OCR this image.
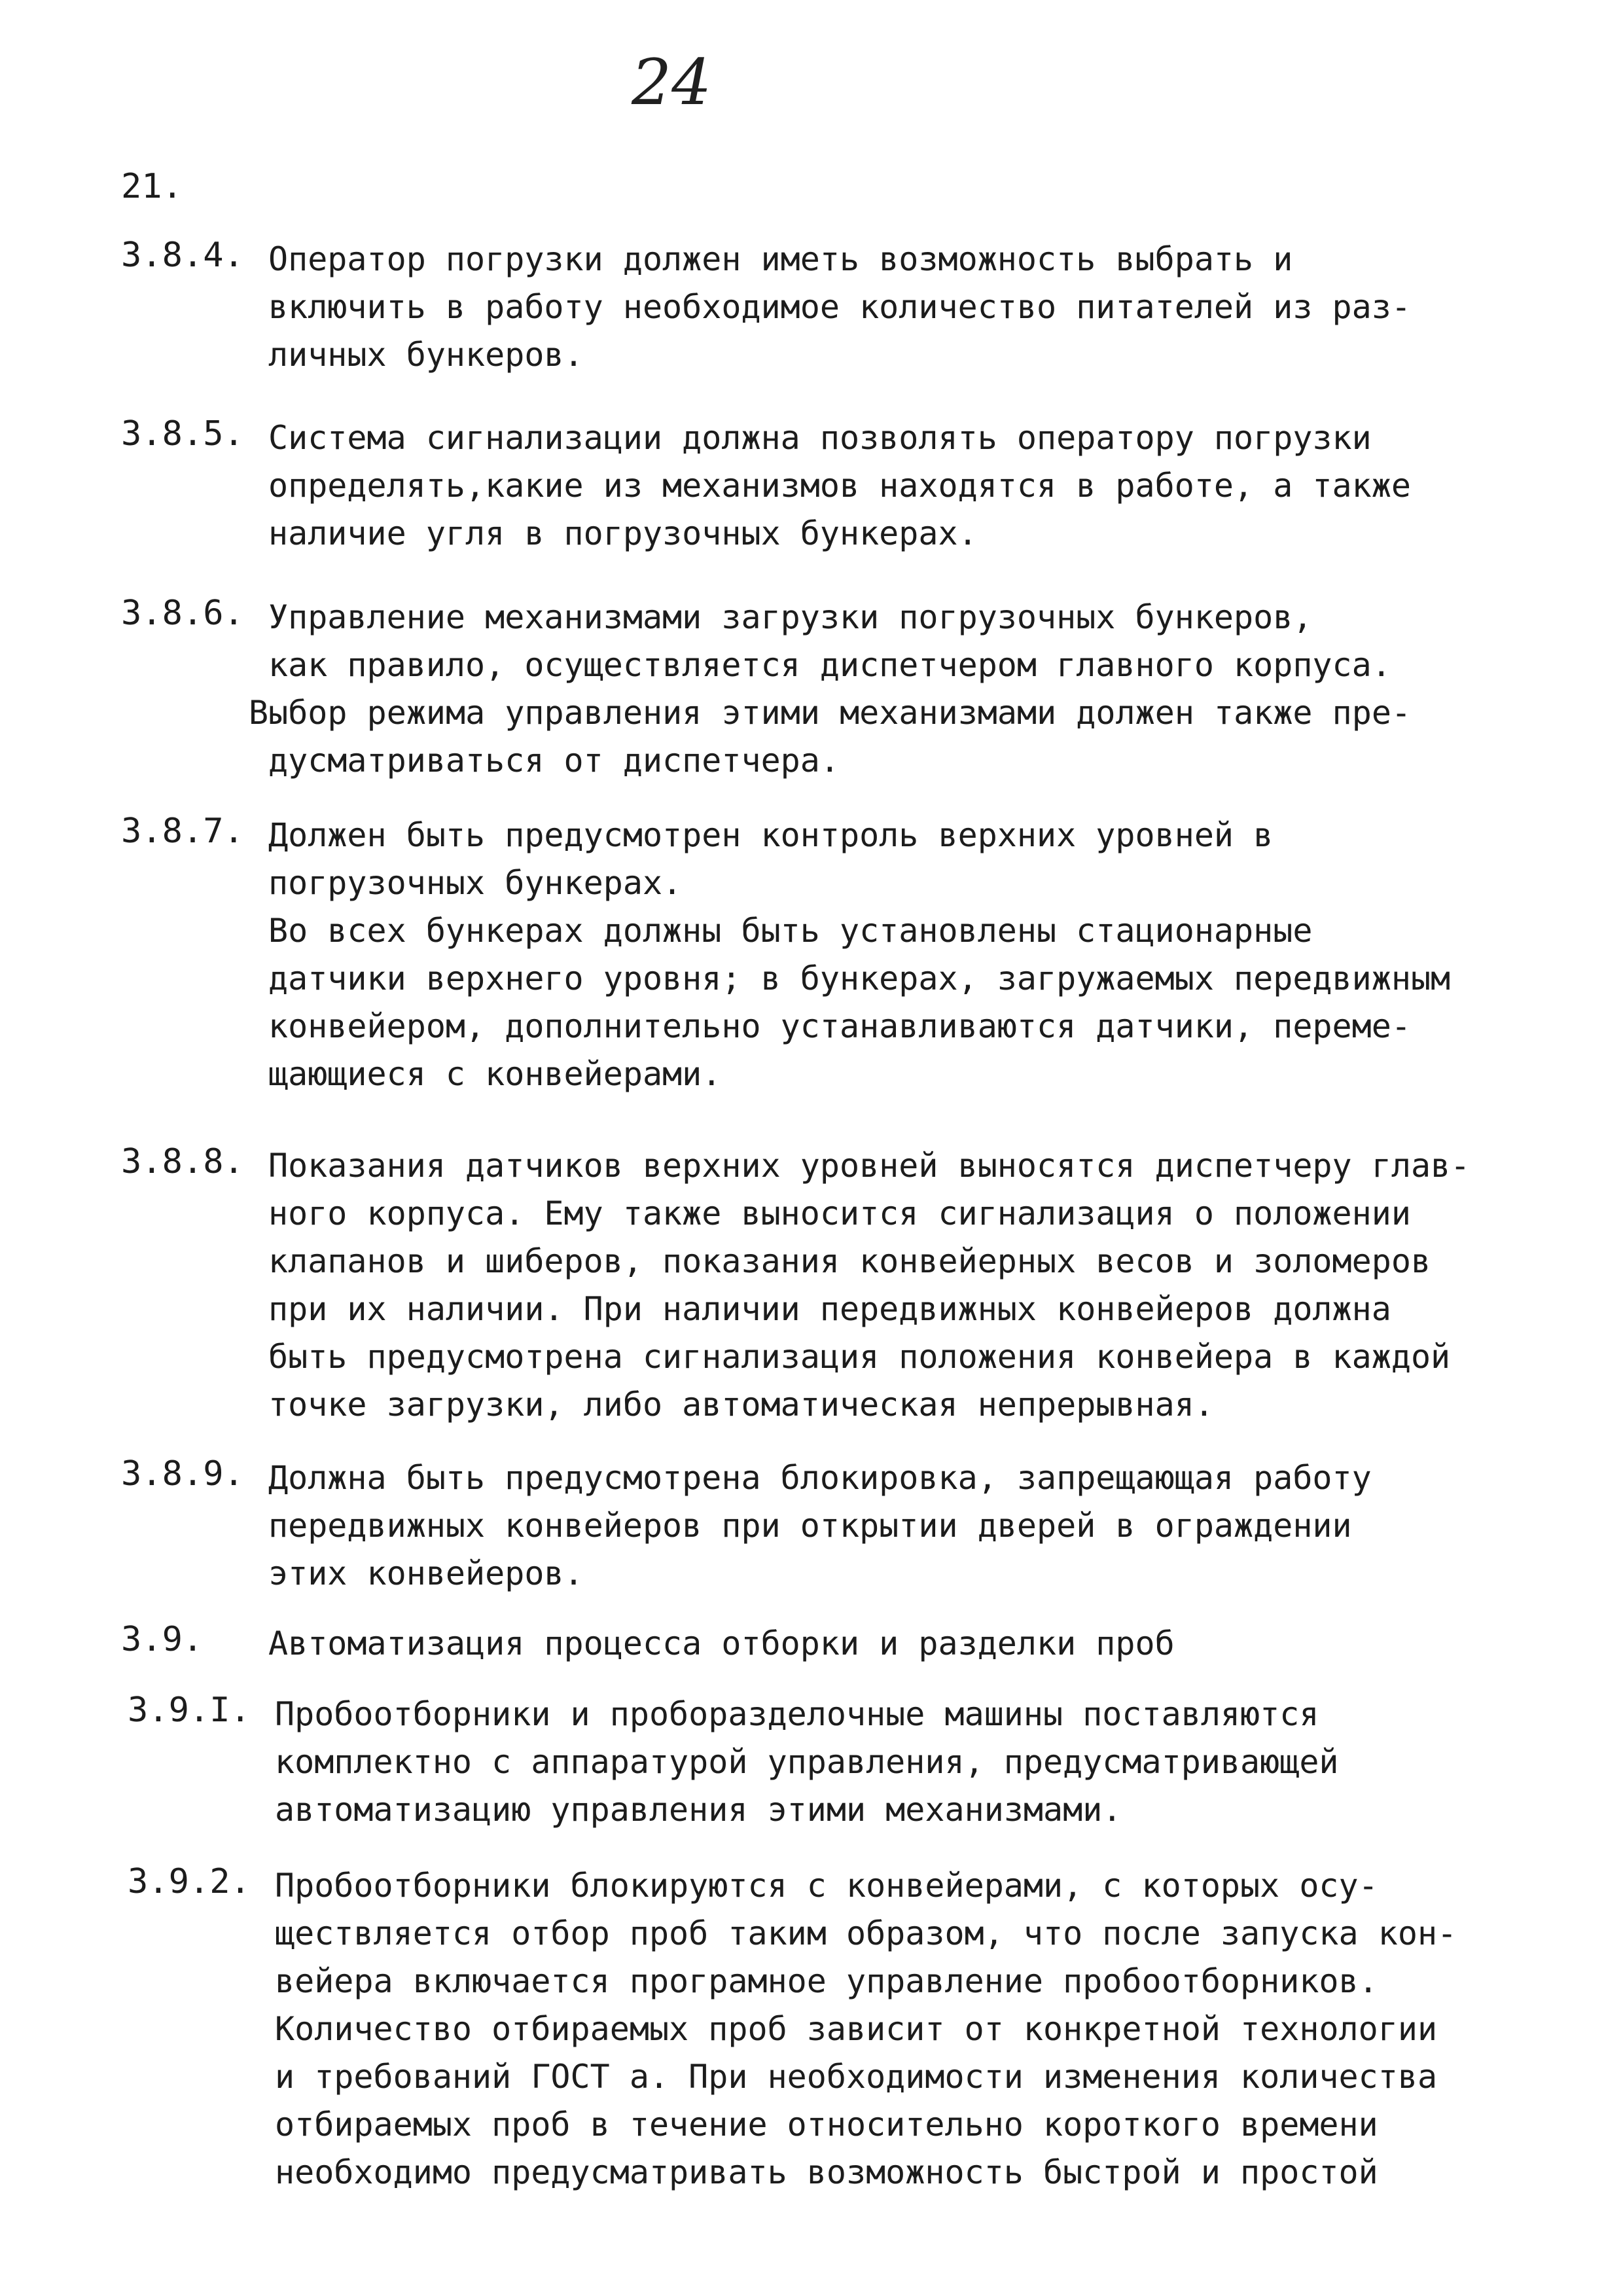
24
21.
3.8.4. Оператор погрузки должен иметь возможность выбрать и
включить в работу необходимое количество питателей из раз-
личных бункеров.
3.8.5. Система сигнализации должна позволять оператору погрузки
определять,какие из механизмов находятся в работе, а также
наличие угля в погрузочных бункерах.
3.8.6. Управление механизмами загрузки погрузочных бункеров,
как правило, осуществляется диспетчером главного корпуса.
Выбор режима управления этими механизмами должен также пре-
дусматриваться от диспетчера.
3.8.7. Должен быть предусмотрен контроль верхних уровней в
погрузочных бункерах.
Во всех бункерах должны быть установлены стационарные
датчики верхнего уровня; в бункерах, загружаемых передвижным
конвейером, дополнительно устанавливаются датчики, переме-
щающиеся с конвейерами.
3.8.8. Показания датчиков верхних уровней выносятся диспетчеру глав-
ного корпуса. Ему также выносится сигнализация о положении
клапанов и шиберов, показания конвейерных весов и золомеров
при их наличии. При наличии передвижных конвейеров должна
быть предусмотрена сигнализация положения конвейера в каждой
точке загрузки, либо автоматическая непрерывная.
3.8.9. Должна быть предусмотрена блокировка, запрещающая работу
передвижных конвейеров при открытии дверей в ограждении
этих конвейеров.
3.9. Автоматизация процесса отборки и разделки проб
3.9.I. Пробоотборники и проборазделочные машины поставляются
комплектно с аппаратурой управления, предусматривающей
автоматизацию управления этими механизмами.
3.9.2. Пробоотборники блокируются с конвейерами, с которых осу-
ществляется отбор проб таким образом, что после запуска кон-
вейера включается програмное управление пробоотборников.
Количество отбираемых проб зависит от конкретной технологии
и требований ГОСТ а. При необходимости изменения количества
отбираемых проб в течение относительно короткого времени
необходимо предусматривать возможность быстрой и простой
